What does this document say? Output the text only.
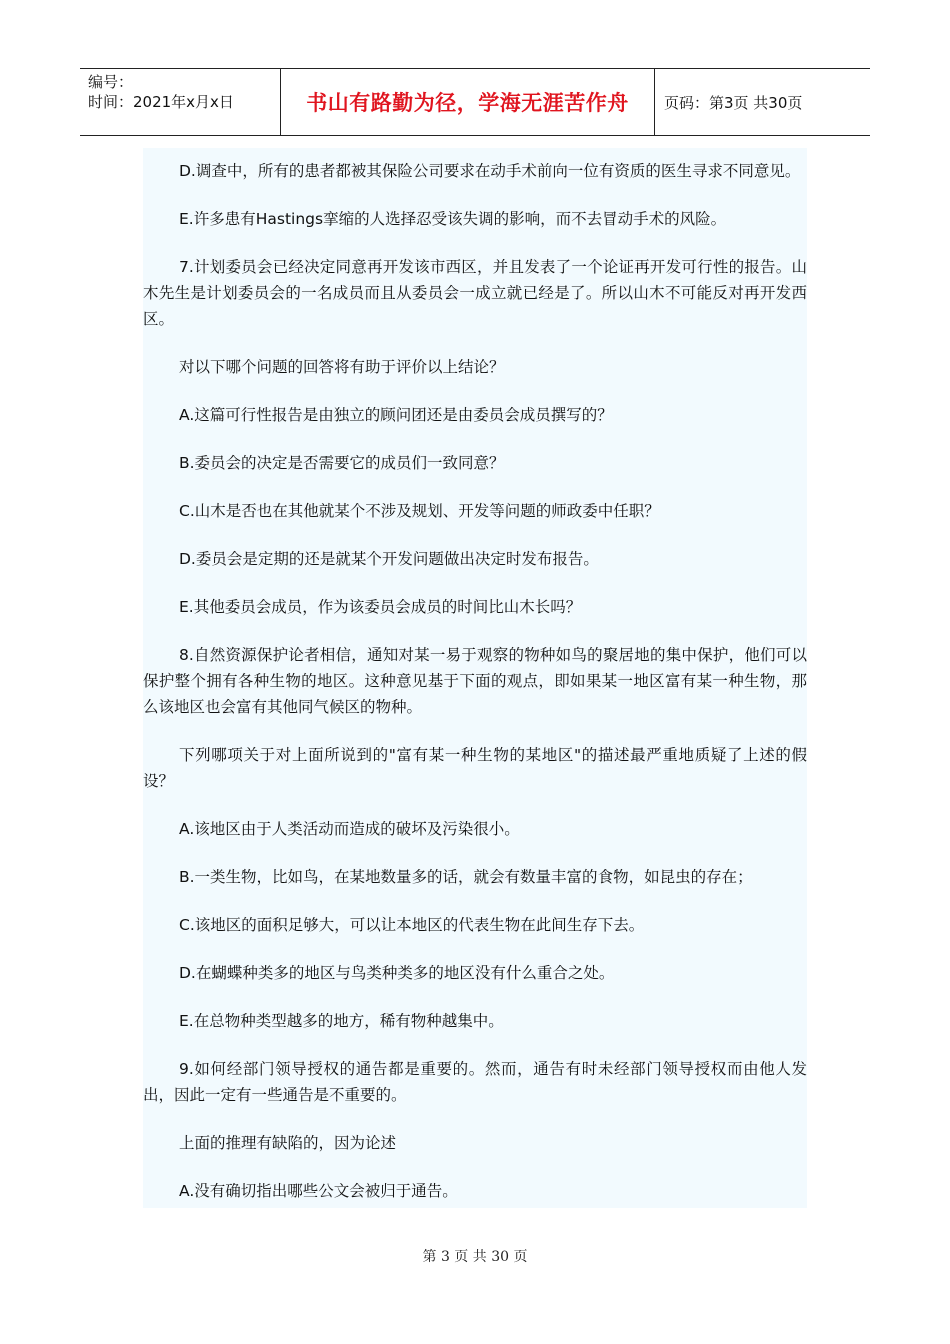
编号：
时间：2021年x月x日	书山有路勤为径，学海无涯苦作舟	页码：第3页 共30页

D.调查中，所有的患者都被其保险公司要求在动手术前向一位有资质的医生寻求不同意见。

E.许多患有Hastings挛缩的人选择忍受该失调的影响，而不去冒动手术的风险。

7.计划委员会已经决定同意再开发该市西区，并且发表了一个论证再开发可行性的报告。山木先生是计划委员会的一名成员而且从委员会一成立就已经是了。所以山木不可能反对再开发西区。

对以下哪个问题的回答将有助于评价以上结论？

A.这篇可行性报告是由独立的顾问团还是由委员会成员撰写的？

B.委员会的决定是否需要它的成员们一致同意？

C.山木是否也在其他就某个不涉及规划、开发等问题的师政委中任职？

D.委员会是定期的还是就某个开发问题做出决定时发布报告。

E.其他委员会成员，作为该委员会成员的时间比山木长吗？

8.自然资源保护论者相信，通知对某一易于观察的物种如鸟的聚居地的集中保护，他们可以保护整个拥有各种生物的地区。这种意见基于下面的观点，即如果某一地区富有某一种生物，那么该地区也会富有其他同气候区的物种。

下列哪项关于对上面所说到的"富有某一种生物的某地区"的描述最严重地质疑了上述的假设？

A.该地区由于人类活动而造成的破坏及污染很小。

B.一类生物，比如鸟，在某地数量多的话，就会有数量丰富的食物，如昆虫的存在；

C.该地区的面积足够大，可以让本地区的代表生物在此间生存下去。

D.在蝴蝶种类多的地区与鸟类种类多的地区没有什么重合之处。

E.在总物种类型越多的地方，稀有物种越集中。

9.如何经部门领导授权的通告都是重要的。然而，通告有时未经部门领导授权而由他人发出，因此一定有一些通告是不重要的。

上面的推理有缺陷的，因为论述

A.没有确切指出哪些公文会被归于通告。

第 3 页 共 30 页
